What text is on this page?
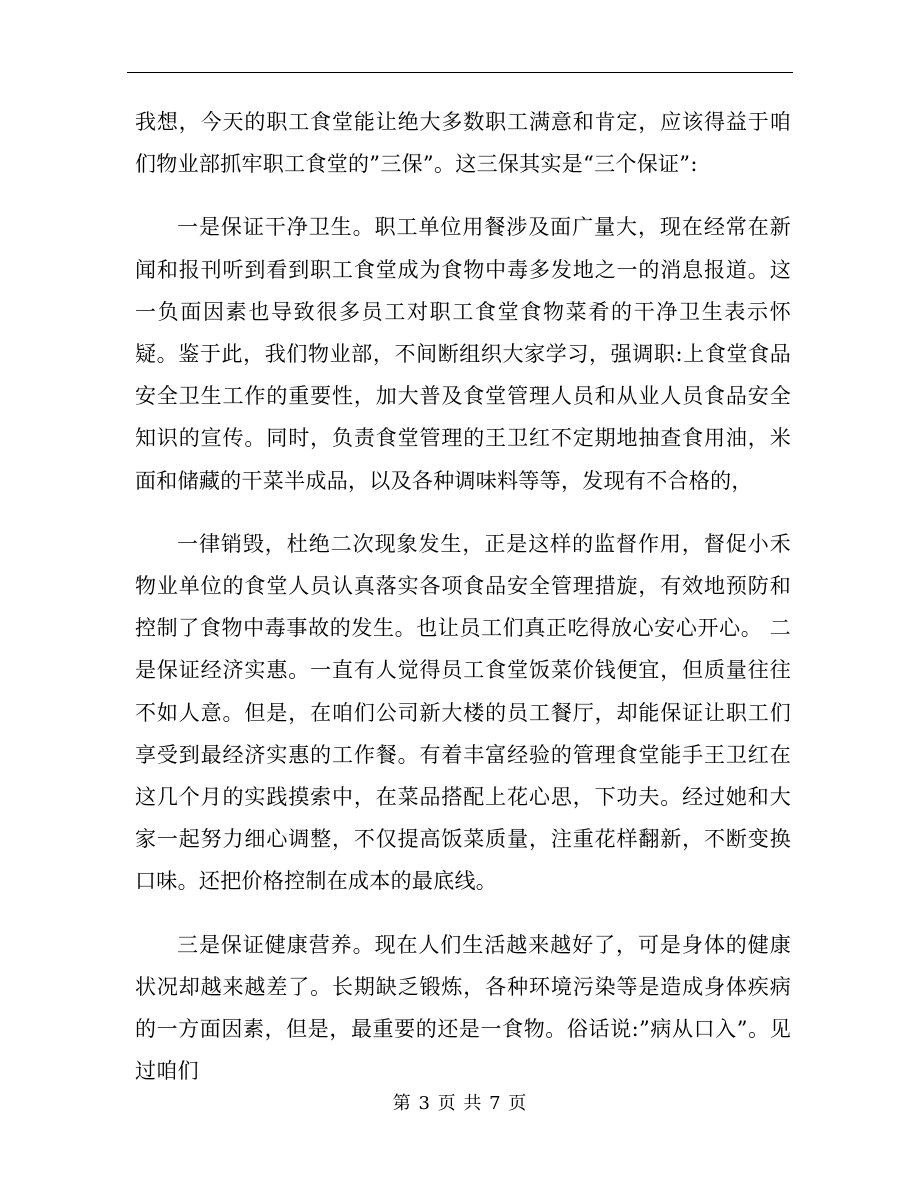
我想，今天的职工食堂能让绝大多数职工满意和肯定，应该得益于咱们物业部抓牢职工食堂的”三保”。这三保其实是“三个保证”:

一是保证干净卫生。职工单位用餐涉及面广量大，现在经常在新闻和报刊听到看到职工食堂成为食物中毒多发地之一的消息报道。这一负面因素也导致很多员工对职工食堂食物菜肴的干净卫生表示怀疑。鉴于此，我们物业部，不间断组织大家学习，强调职:上食堂食品安全卫生工作的重要性，加大普及食堂管理人员和从业人员食品安全知识的宣传。同时，负责食堂管理的王卫红不定期地抽查食用油，米面和储藏的干菜半成品，以及各种调味料等等，发现有不合格的，

一律销毁，杜绝二次现象发生，正是这样的监督作用，督促小禾物业单位的食堂人员认真落实各项食品安全管理措旋，有效地预防和控制了食物中毒事故的发生。也让员工们真正吃得放心安心开心。 二是保证经济实惠。一直有人觉得员工食堂饭菜价钱便宜，但质量往往不如人意。但是，在咱们公司新大楼的员工餐厅，却能保证让职工们享受到最经济实惠的工作餐。有着丰富经验的管理食堂能手王卫红在这几个月的实践摸索中，在菜品搭配上花心思，下功夫。经过她和大家一起努力细心调整，不仅提高饭菜质量，注重花样翻新，不断变换口味。还把价格控制在成本的最底线。

三是保证健康营养。现在人们生活越来越好了，可是身体的健康状况却越来越差了。长期缺乏锻炼，各种环境污染等是造成身体疾病的一方面因素，但是，最重要的还是一食物。俗话说:”病从口入”。见过咱们

第 3 页 共 7 页
